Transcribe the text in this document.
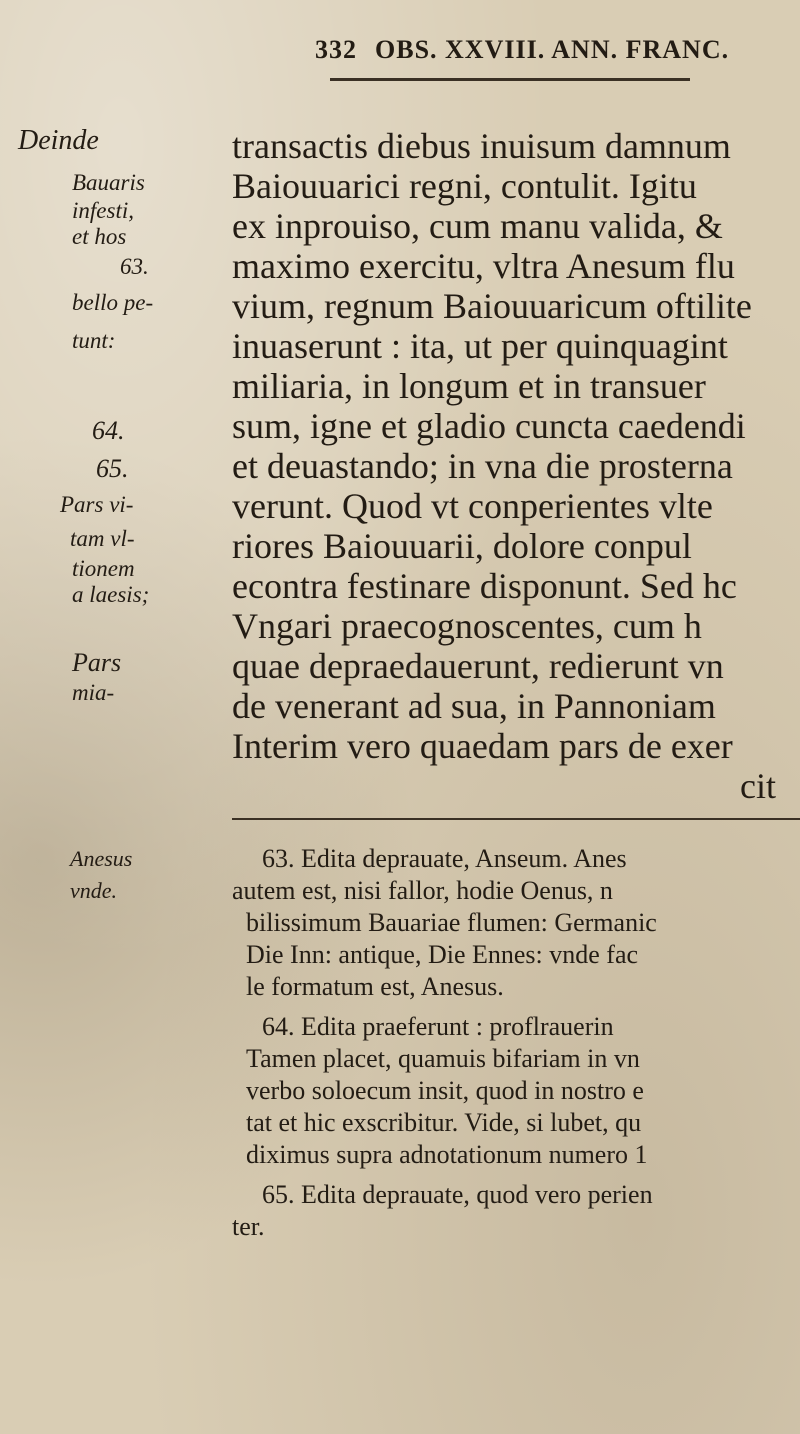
332 OBS. XXVIII. ANN. FRANC.
Deinde
Bauaris
infesti,
et hos
63.
bello pe-
tunt:
64.
65.
Pars vi-
tam vl-
tionem
a laesis;
Pars
mia-
transactis diebus inuisum damnum
Baiouuarici regni, contulit. Igitu
ex inprouiso, cum manu valida, &
maximo exercitu, vltra Anesum flu
vium, regnum Baiouuaricum oftilite
inuaserunt : ita, ut per quinquagint
miliaria, in longum et in transuer
sum, igne et gladio cuncta caedendi
et deuastando; in vna die prosterna
verunt. Quod vt conperientes vlte
riores Baiouuarii, dolore conpul
econtra festinare disponunt. Sed hc
Vngari praecognoscentes, cum h
quae depraedauerunt, redierunt vn
de venerant ad sua, in Pannoniam
Interim vero quaedam pars de exer
cit
Anesus
vnde.
63. Edita deprauate, Anseum. Anes
autem est, nisi fallor, hodie Oenus, n
bilissimum Bauariae flumen: Germanic
Die Inn: antique, Die Ennes: vnde fac
le formatum est, Anesus.
64. Edita praeferunt : proflrauerin
Tamen placet, quamuis bifariam in vn
verbo soloecum insit, quod in nostro e
tat et hic exscribitur. Vide, si lubet, qu
diximus supra adnotationum numero 1
65. Edita deprauate, quod vero perien
ter.
